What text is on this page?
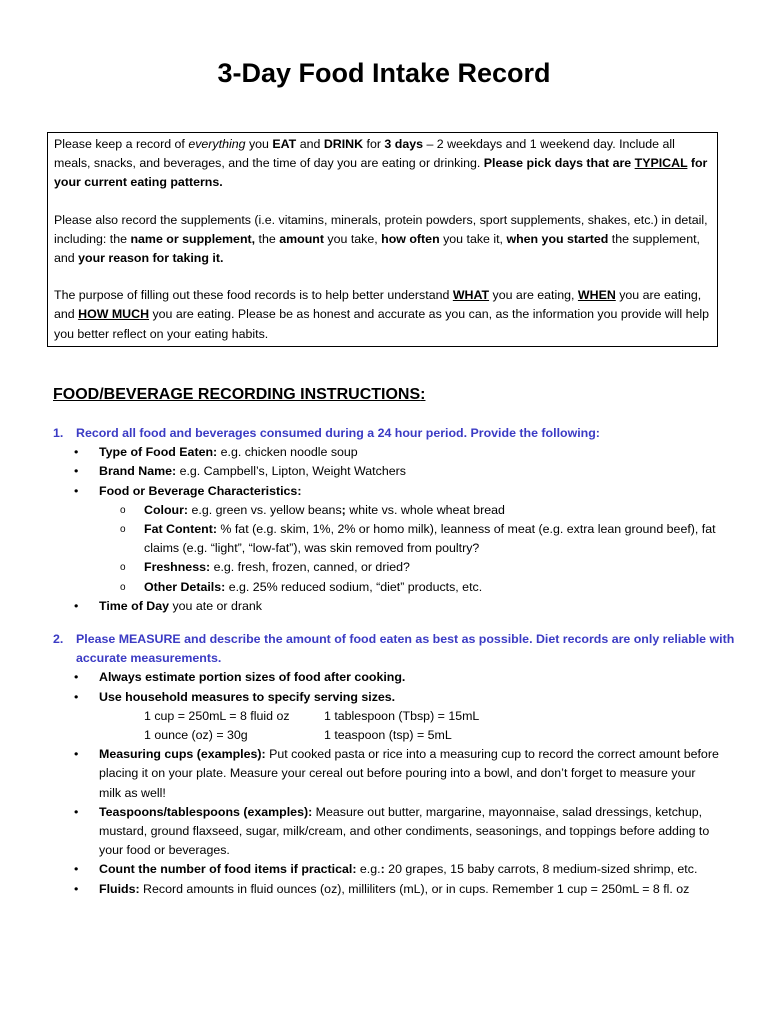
3-Day Food Intake Record

Please keep a record of everything you EAT and DRINK for 3 days – 2 weekdays and 1 weekend day. Include all meals, snacks, and beverages, and the time of day you are eating or drinking. Please pick days that are TYPICAL for your current eating patterns.

Please also record the supplements (i.e. vitamins, minerals, protein powders, sport supplements, shakes, etc.) in detail, including: the name or supplement, the amount you take, how often you take it, when you started the supplement, and your reason for taking it.

The purpose of filling out these food records is to help better understand WHAT you are eating, WHEN you are eating, and HOW MUCH you are eating. Please be as honest and accurate as you can, as the information you provide will help you better reflect on your eating habits.

FOOD/BEVERAGE RECORDING INSTRUCTIONS:
1. Record all food and beverages consumed during a 24 hour period. Provide the following:
• Type of Food Eaten: e.g. chicken noodle soup
• Brand Name: e.g. Campbell’s, Lipton, Weight Watchers
• Food or Beverage Characteristics:
o Colour: e.g. green vs. yellow beans; white vs. whole wheat bread
o Fat Content: % fat (e.g. skim, 1%, 2% or homo milk), leanness of meat (e.g. extra lean ground beef), fat claims (e.g. “light”, “low-fat”), was skin removed from poultry?
o Freshness: e.g. fresh, frozen, canned, or dried?
o Other Details: e.g. 25% reduced sodium, “diet” products, etc.
• Time of Day you ate or drank
2. Please MEASURE and describe the amount of food eaten as best as possible. Diet records are only reliable with accurate measurements.
• Always estimate portion sizes of food after cooking.
• Use household measures to specify serving sizes.
1 cup = 250mL = 8 fluid oz	1 tablespoon (Tbsp) = 15mL
1 ounce (oz) = 30g	1 teaspoon (tsp) = 5mL
• Measuring cups (examples): Put cooked pasta or rice into a measuring cup to record the correct amount before placing it on your plate. Measure your cereal out before pouring into a bowl, and don’t forget to measure your milk as well!
• Teaspoons/tablespoons (examples): Measure out butter, margarine, mayonnaise, salad dressings, ketchup, mustard, ground flaxseed, sugar, milk/cream, and other condiments, seasonings, and toppings before adding to your food or beverages.
• Count the number of food items if practical: e.g.: 20 grapes, 15 baby carrots, 8 medium-sized shrimp, etc.
• Fluids: Record amounts in fluid ounces (oz), milliliters (mL), or in cups. Remember 1 cup = 250mL = 8 fl. oz
